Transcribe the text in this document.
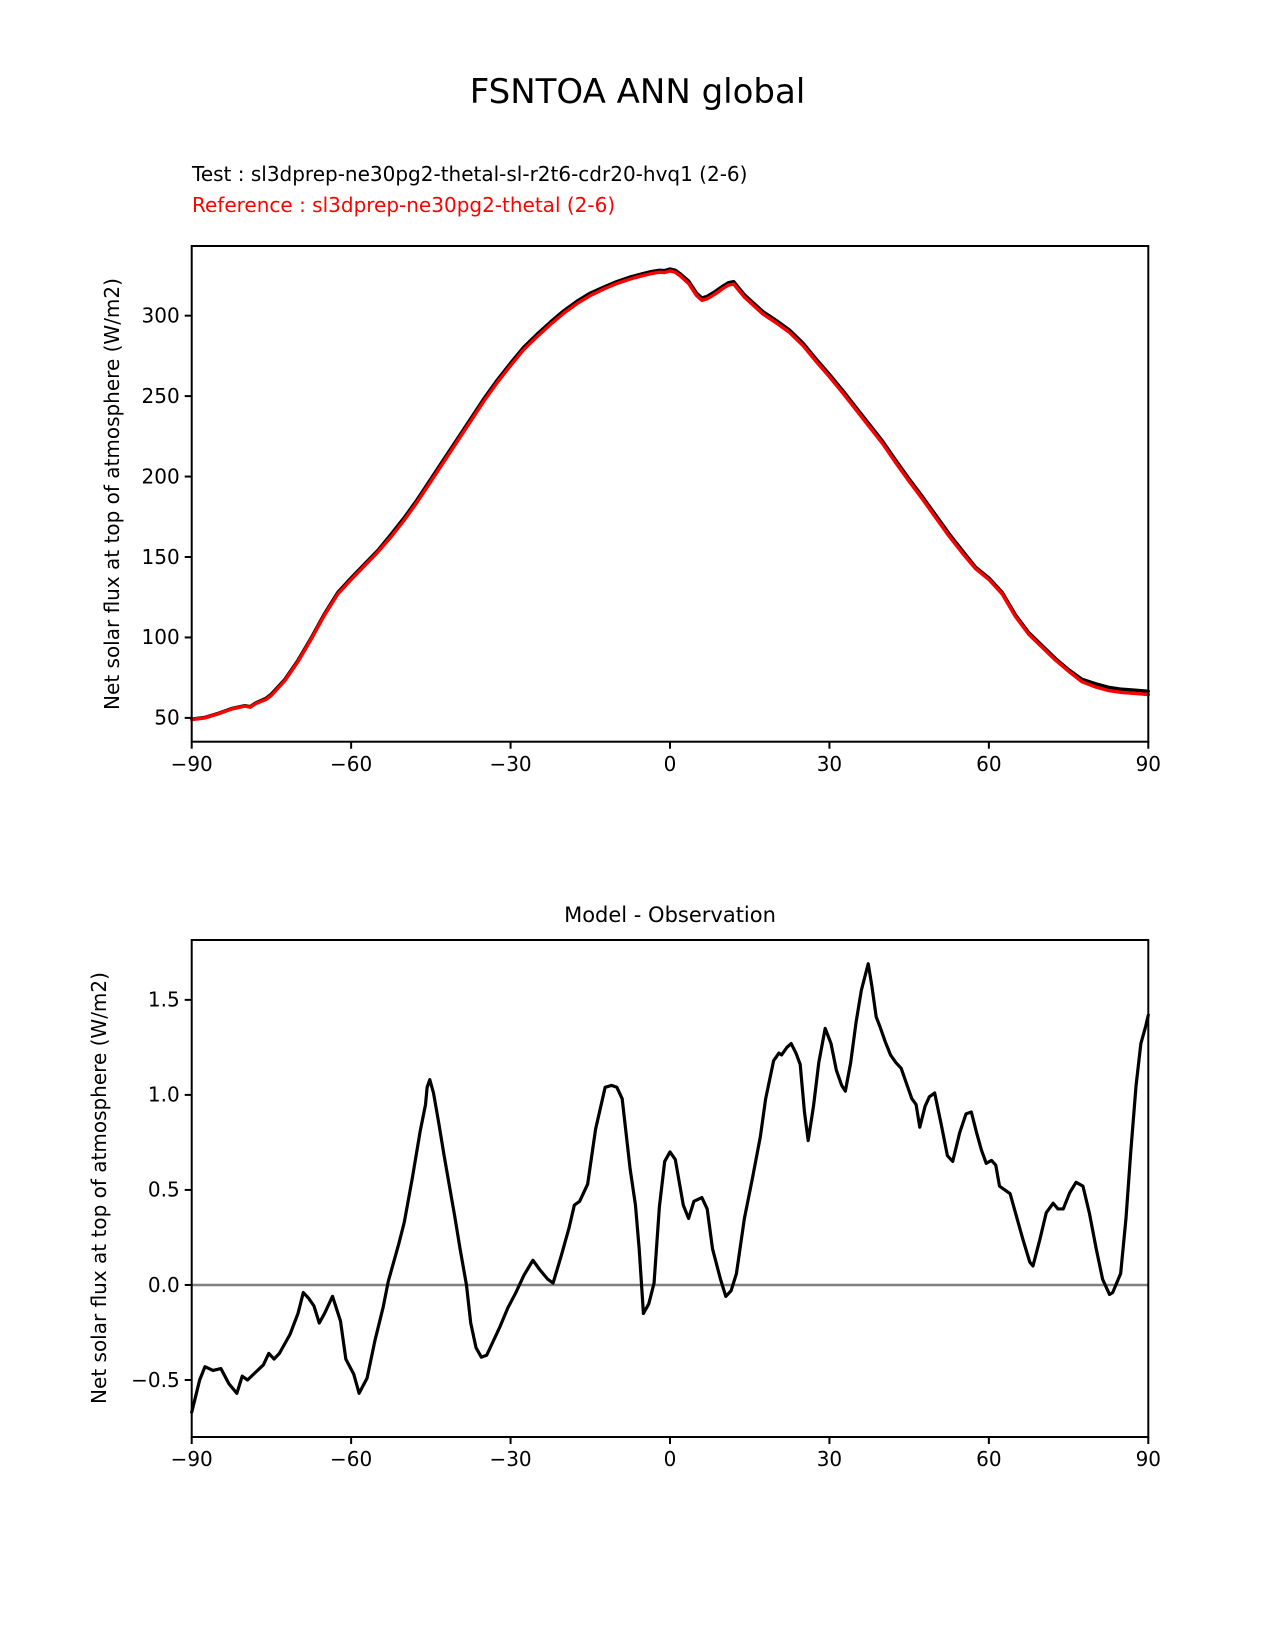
FSNTOA ANN global
Test : sl3dprep-ne30pg2-thetal-sl-r2t6-cdr20-hvq1 (2-6)
Reference : sl3dprep-ne30pg2-thetal (2-6)
Net solar flux at top of atmosphere (W/m2)
Net solar flux at top of atmosphere (W/m2)
Model - Observation
−90	−60	−30	0	30	60	90
50
100
150
200
250
300
−90	−60	−30	0	30	60	90
−0.5
0.0
0.5
1.0
1.5
